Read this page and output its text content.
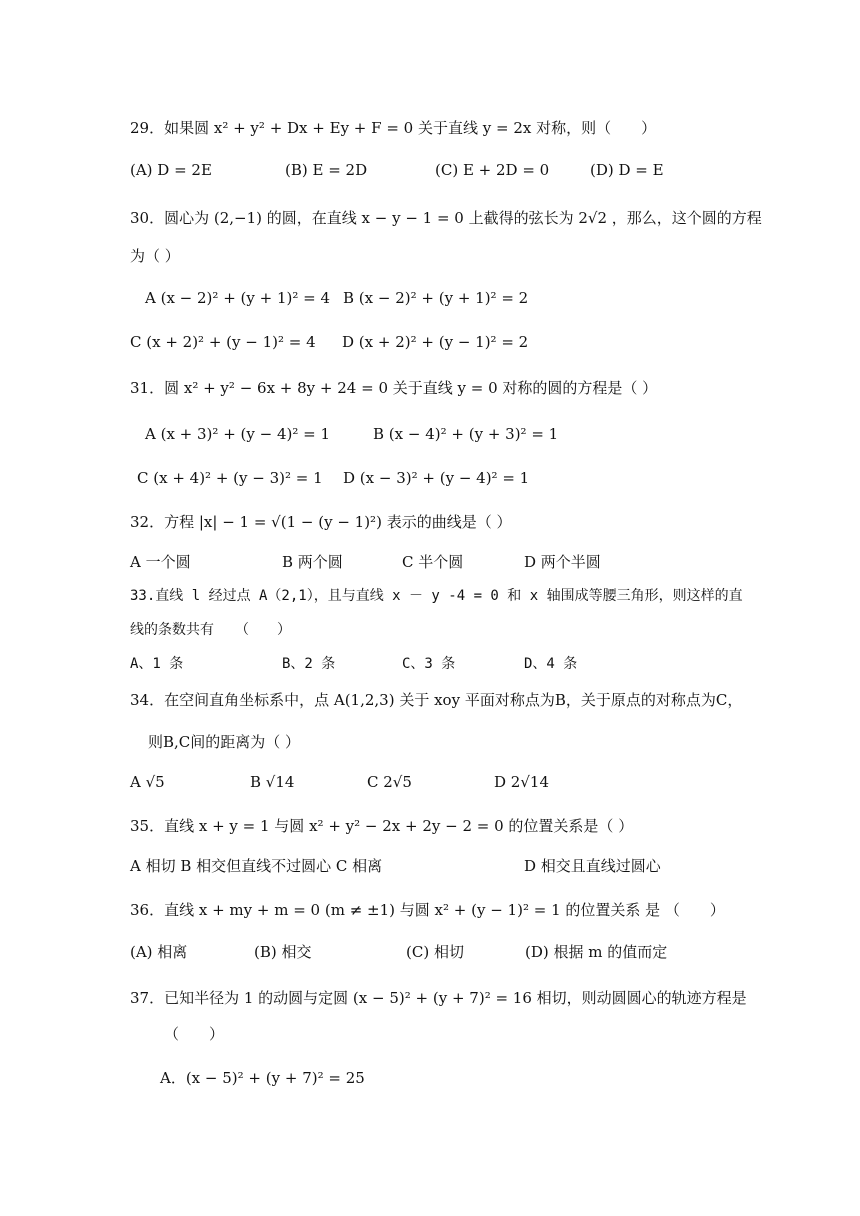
29．如果圆 x² + y² + Dx + Ey + F = 0 关于直线 y = 2x 对称，则（　　）
(A) D = 2E	(B) E = 2D	(C) E + 2D = 0	(D) D = E
30．圆心为 (2,−1) 的圆，在直线 x − y − 1 = 0 上截得的弦长为 2√2 ，那么，这个圆的方程
为（ ）
A (x − 2)² + (y + 1)² = 4 B (x − 2)² + (y + 1)² = 2
C (x + 2)² + (y − 1)² = 4 D (x + 2)² + (y − 1)² = 2
31．圆 x² + y² − 6x + 8y + 24 = 0 关于直线 y = 0 对称的圆的方程是（ ）
A (x + 3)² + (y − 4)² = 1	B (x − 4)² + (y + 3)² = 1
C (x + 4)² + (y − 3)² = 1 D (x − 3)² + (y − 4)² = 1
32．方程 |x| − 1 = √(1 − (y − 1)²) 表示的曲线是（ ）
A 一个圆	B 两个圆	C 半个圆	D 两个半圆
33.直线 l 经过点 A（2,1），且与直线 x － y -4 = 0 和 x 轴围成等腰三角形，则这样的直
线的条数共有　　（　　）
A、1 条	B、2 条	C、3 条	D、4 条
34．在空间直角坐标系中，点 A(1,2,3) 关于 xoy 平面对称点为B，关于原点的对称点为C，
则B,C间的距离为（ ）
A √5	B √14	C 2√5	D 2√14
35．直线 x + y = 1 与圆 x² + y² − 2x + 2y − 2 = 0 的位置关系是（ ）
A 相切 B 相交但直线不过圆心 C 相离	D 相交且直线过圆心
36．直线 x + my + m = 0 (m ≠ ±1) 与圆 x² + (y − 1)² = 1 的位置关系 是 （　　）
(A) 相离	(B) 相交	(C) 相切	(D) 根据 m 的值而定
37．已知半径为 1 的动圆与定圆 (x − 5)² + (y + 7)² = 16 相切，则动圆圆心的轨迹方程是
（　　）
A．(x − 5)² + (y + 7)² = 25
